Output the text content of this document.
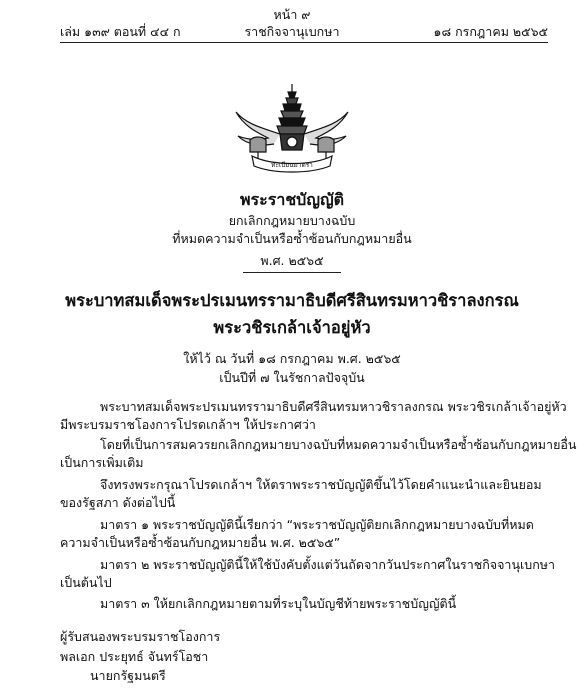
หน้า ๙
เล่ม ๑๓๙ ตอนที่ ๔๔ ก	ราชกิจจานุเบกษา	๑๘ กรกฎาคม ๒๕๖๕
ทะเบียนมาตรา
พระราชบัญญัติ
ยกเลิกกฎหมายบางฉบับ
ที่หมดความจำเป็นหรือซ้ำซ้อนกับกฎหมายอื่น
พ.ศ. ๒๕๖๕
พระบาทสมเด็จพระปรเมนทรรามาธิบดีศรีสินทรมหาวชิราลงกรณ
พระวชิรเกล้าเจ้าอยู่หัว
ให้ไว้ ณ วันที่ ๑๘ กรกฎาคม พ.ศ. ๒๕๖๕
เป็นปีที่ ๗ ในรัชกาลปัจจุบัน
พระบาทสมเด็จพระปรเมนทรรามาธิบดีศรีสินทรมหาวชิราลงกรณ พระวชิรเกล้าเจ้าอยู่หัว
มีพระบรมราชโองการโปรดเกล้าฯ ให้ประกาศว่า
โดยที่เป็นการสมควรยกเลิกกฎหมายบางฉบับที่หมดความจำเป็นหรือซ้ำซ้อนกับกฎหมายอื่น
เป็นการเพิ่มเติม
จึงทรงพระกรุณาโปรดเกล้าฯ ให้ตราพระราชบัญญัติขึ้นไว้โดยคำแนะนำและยินยอม
ของรัฐสภา ดังต่อไปนี้
มาตรา ๑ พระราชบัญญัตินี้เรียกว่า “พระราชบัญญัติยกเลิกกฎหมายบางฉบับที่หมด
ความจำเป็นหรือซ้ำซ้อนกับกฎหมายอื่น พ.ศ. ๒๕๖๕”
มาตรา ๒ พระราชบัญญัตินี้ให้ใช้บังคับตั้งแต่วันถัดจากวันประกาศในราชกิจจานุเบกษา
เป็นต้นไป
มาตรา ๓ ให้ยกเลิกกฎหมายตามที่ระบุในบัญชีท้ายพระราชบัญญัตินี้
ผู้รับสนองพระบรมราชโองการ
พลเอก ประยุทธ์ จันทร์โอชา
นายกรัฐมนตรี
